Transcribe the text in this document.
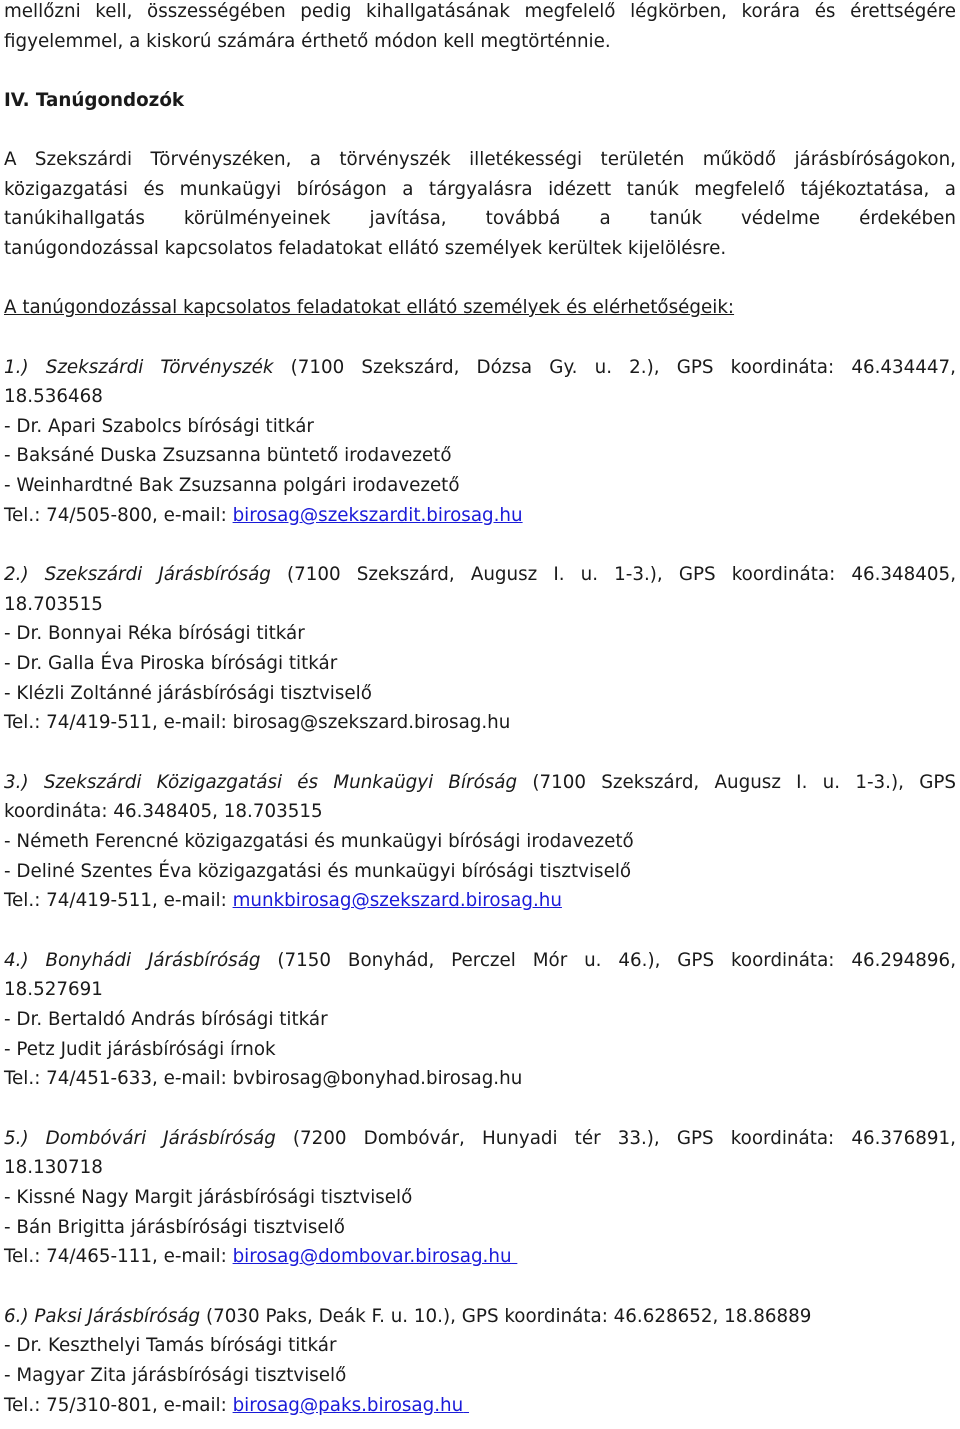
mellőzni kell, összességében pedig kihallgatásának megfelelő légkörben, korára és érettségére
figyelemmel, a kiskorú számára érthető módon kell megtörténnie.
IV. Tanúgondozók
A Szekszárdi Törvényszéken, a törvényszék illetékességi területén működő járásbíróságokon,
közigazgatási és munkaügyi bíróságon a tárgyalásra idézett tanúk megfelelő tájékoztatása, a
tanúkihallgatás körülményeinek javítása, továbbá a tanúk védelme érdekében
tanúgondozással kapcsolatos feladatokat ellátó személyek kerültek kijelölésre.
A tanúgondozással kapcsolatos feladatokat ellátó személyek és elérhetőségeik:
1.) Szekszárdi Törvényszék (7100 Szekszárd, Dózsa Gy. u. 2.), GPS koordináta: 46.434447,
18.536468
- Dr. Apari Szabolcs bírósági titkár
- Baksáné Duska Zsuzsanna büntető irodavezető
- Weinhardtné Bak Zsuzsanna polgári irodavezető
Tel.: 74/505-800, e-mail: birosag@szekszardit.birosag.hu
2.) Szekszárdi Járásbíróság (7100 Szekszárd, Augusz I. u. 1-3.), GPS koordináta: 46.348405,
18.703515
- Dr. Bonnyai Réka bírósági titkár
- Dr. Galla Éva Piroska bírósági titkár
- Klézli Zoltánné járásbírósági tisztviselő
Tel.: 74/419-511, e-mail: birosag@szekszard.birosag.hu
3.) Szekszárdi Közigazgatási és Munkaügyi Bíróság (7100 Szekszárd, Augusz I. u. 1-3.), GPS
koordináta: 46.348405, 18.703515
- Németh Ferencné közigazgatási és munkaügyi bírósági irodavezető
- Deliné Szentes Éva közigazgatási és munkaügyi bírósági tisztviselő
Tel.: 74/419-511, e-mail: munkbirosag@szekszard.birosag.hu
4.) Bonyhádi Járásbíróság (7150 Bonyhád, Perczel Mór u. 46.), GPS koordináta: 46.294896,
18.527691
- Dr. Bertaldó András bírósági titkár
- Petz Judit járásbírósági írnok
Tel.: 74/451-633, e-mail: bvbirosag@bonyhad.birosag.hu
5.) Dombóvári Járásbíróság (7200 Dombóvár, Hunyadi tér 33.), GPS koordináta: 46.376891,
18.130718
- Kissné Nagy Margit járásbírósági tisztviselő
- Bán Brigitta járásbírósági tisztviselő
Tel.: 74/465-111, e-mail: birosag@dombovar.birosag.hu
6.) Paksi Járásbíróság (7030 Paks, Deák F. u. 10.), GPS koordináta: 46.628652, 18.86889
- Dr. Keszthelyi Tamás bírósági titkár
- Magyar Zita járásbírósági tisztviselő
Tel.: 75/310-801, e-mail: birosag@paks.birosag.hu
